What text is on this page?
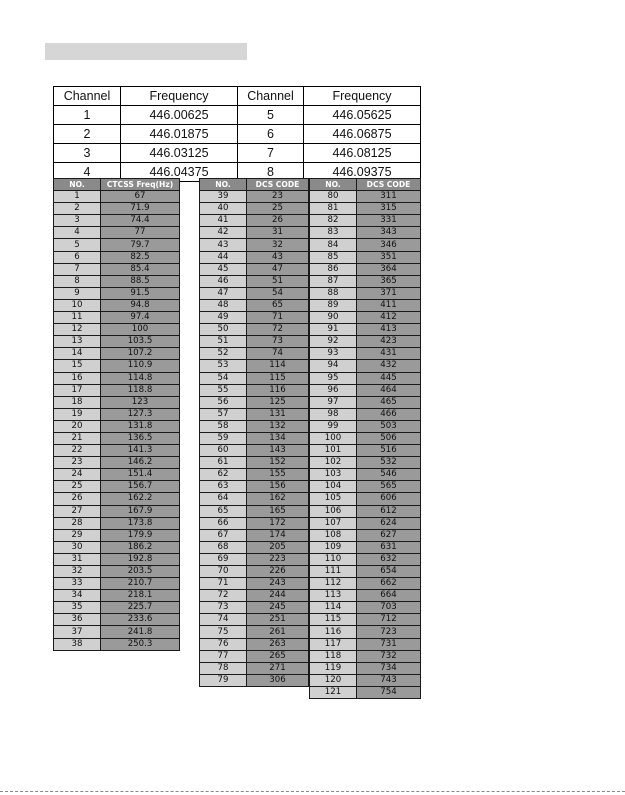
Channel	Frequency	Channel	Frequency
1	446.00625	5	446.05625
2	446.01875	6	446.06875
3	446.03125	7	446.08125
4	446.04375	8	446.09375
NO.	CTCSS Freq(Hz)
1	67
2	71.9
3	74.4
4	77
5	79.7
6	82.5
7	85.4
8	88.5
9	91.5
10	94.8
11	97.4
12	100
13	103.5
14	107.2
15	110.9
16	114.8
17	118.8
18	123
19	127.3
20	131.8
21	136.5
22	141.3
23	146.2
24	151.4
25	156.7
26	162.2
27	167.9
28	173.8
29	179.9
30	186.2
31	192.8
32	203.5
33	210.7
34	218.1
35	225.7
36	233.6
37	241.8
38	250.3
NO.	DCS CODE
39	23
40	25
41	26
42	31
43	32
44	43
45	47
46	51
47	54
48	65
49	71
50	72
51	73
52	74
53	114
54	115
55	116
56	125
57	131
58	132
59	134
60	143
61	152
62	155
63	156
64	162
65	165
66	172
67	174
68	205
69	223
70	226
71	243
72	244
73	245
74	251
75	261
76	263
77	265
78	271
79	306
NO.	DCS CODE
80	311
81	315
82	331
83	343
84	346
85	351
86	364
87	365
88	371
89	411
90	412
91	413
92	423
93	431
94	432
95	445
96	464
97	465
98	466
99	503
100	506
101	516
102	532
103	546
104	565
105	606
106	612
107	624
108	627
109	631
110	632
111	654
112	662
113	664
114	703
115	712
116	723
117	731
118	732
119	734
120	743
121	754
